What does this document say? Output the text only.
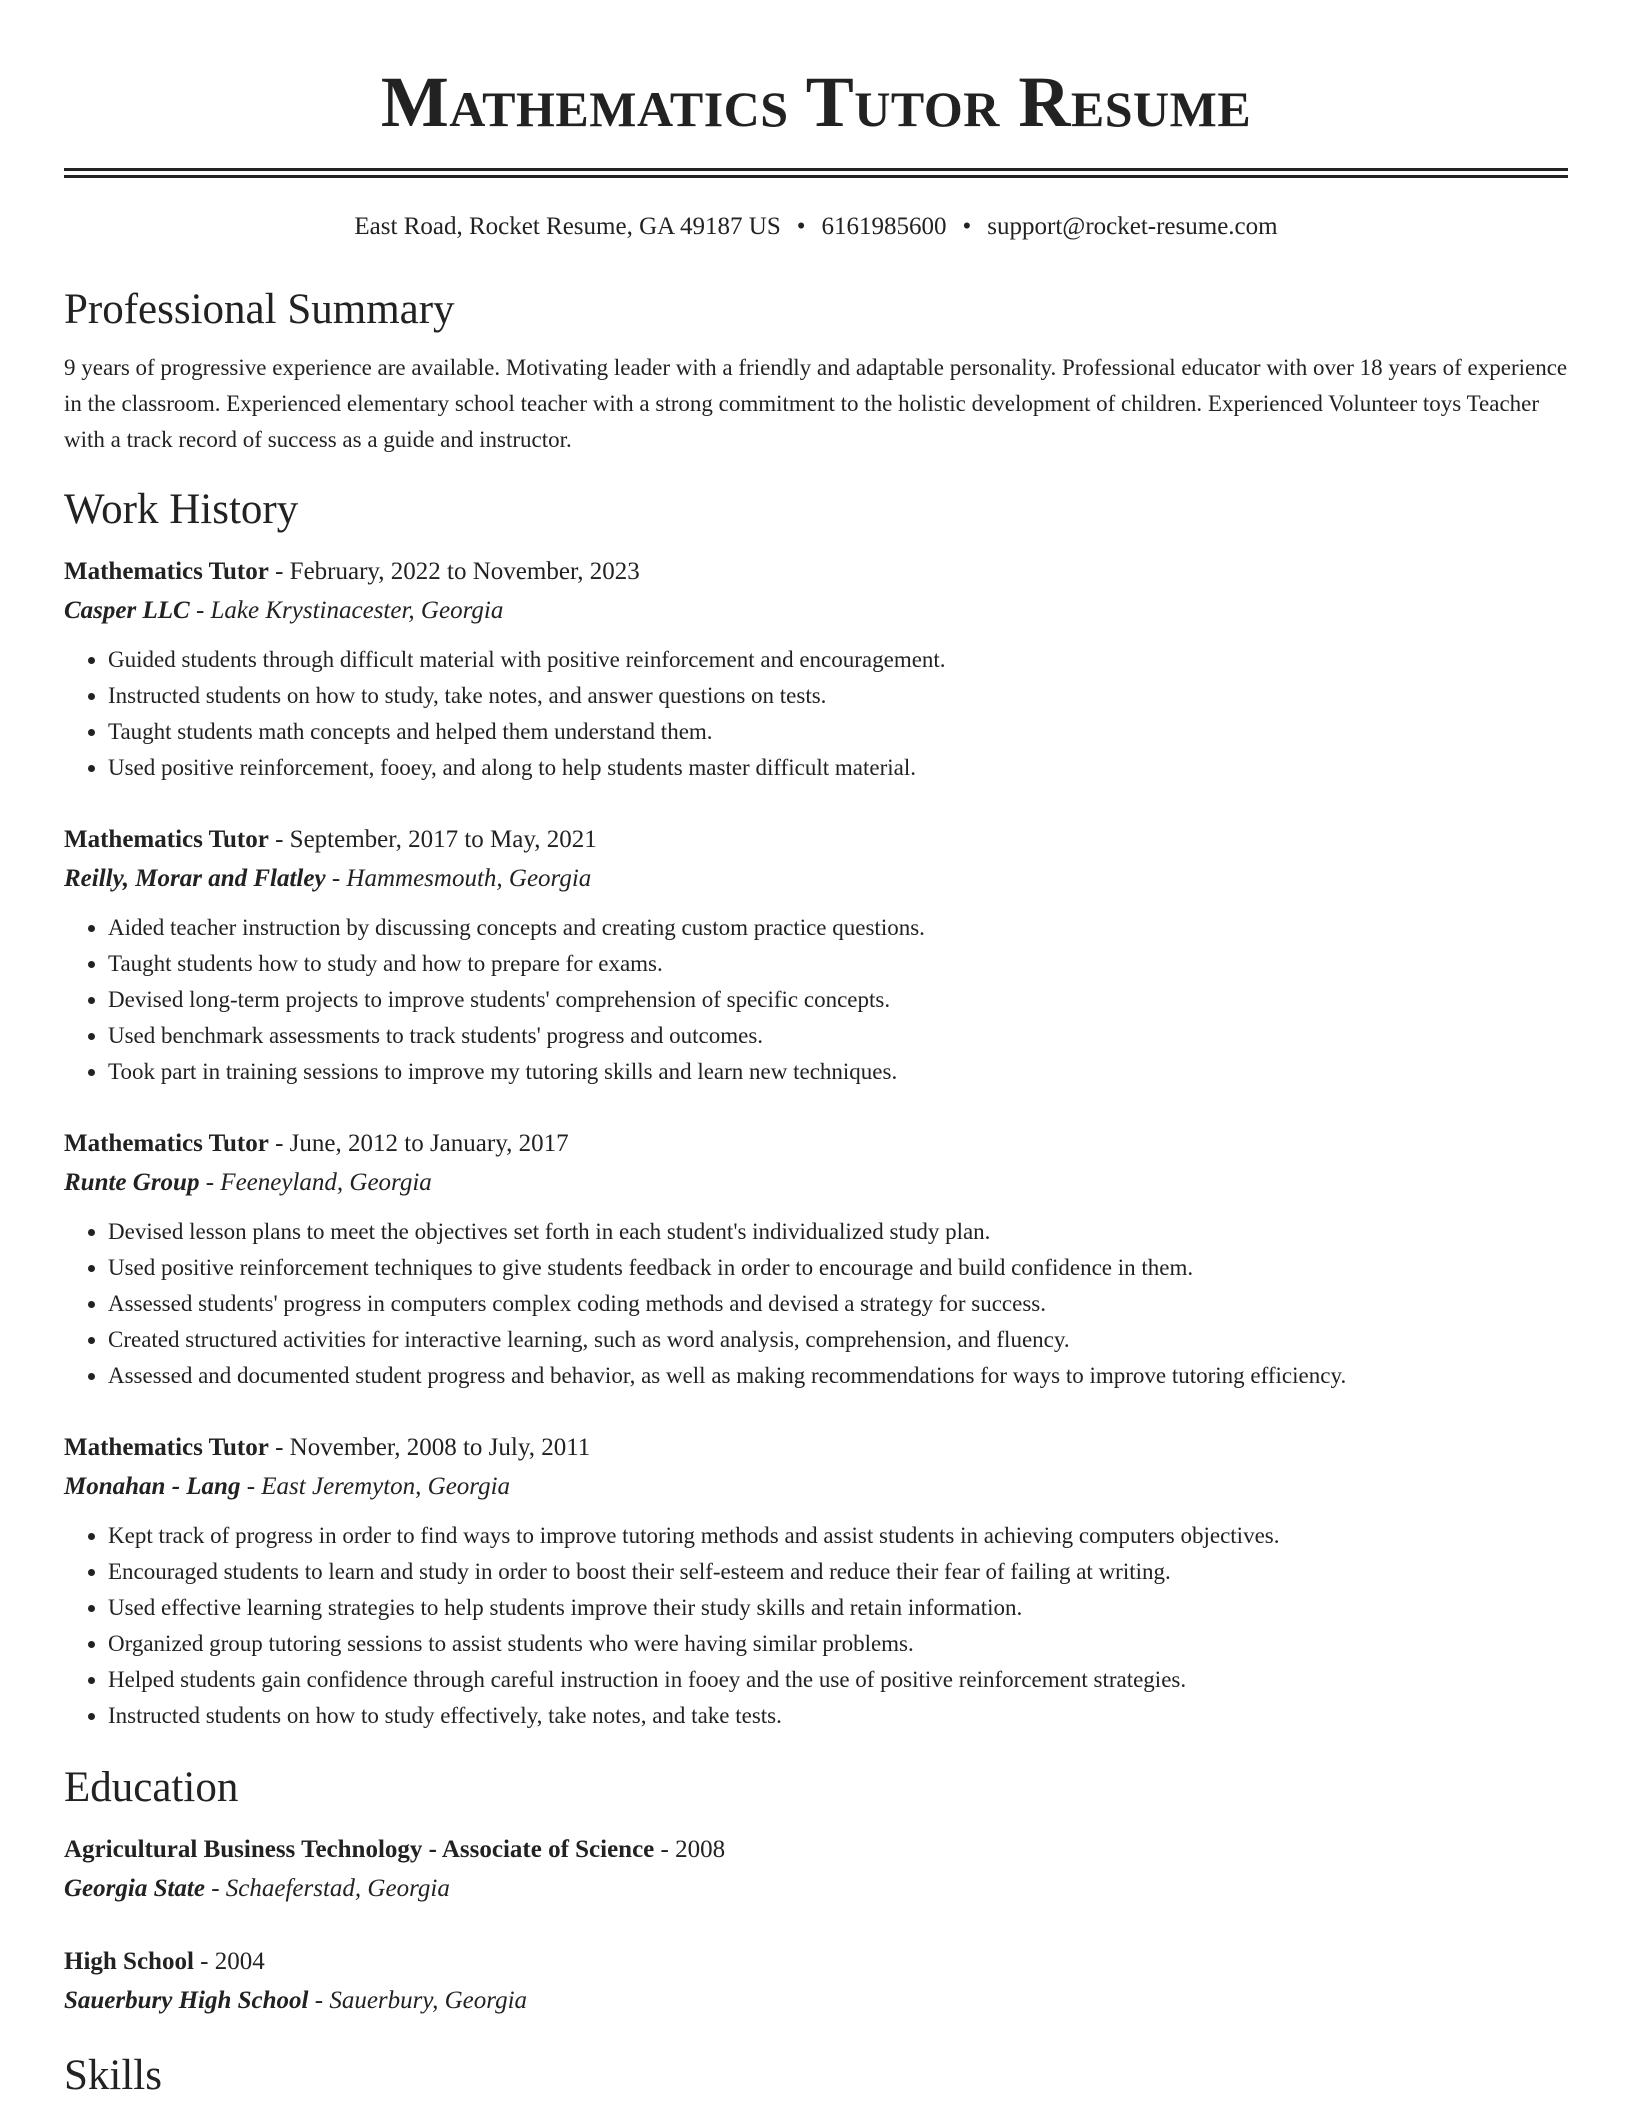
Mathematics Tutor Resume
East Road, Rocket Resume, GA 49187 US • 6161985600 • support@rocket-resume.com
Professional Summary

9 years of progressive experience are available. Motivating leader with a friendly and adaptable personality. Professional educator with over 18 years of experience in the classroom. Experienced elementary school teacher with a strong commitment to the holistic development of children. Experienced Volunteer toys Teacher with a track record of success as a guide and instructor.

Work History
Mathematics Tutor - February, 2022 to November, 2023
Casper LLC - Lake Krystinacester, Georgia
• Guided students through difficult material with positive reinforcement and encouragement.
• Instructed students on how to study, take notes, and answer questions on tests.
• Taught students math concepts and helped them understand them.
• Used positive reinforcement, fooey, and along to help students master difficult material.
Mathematics Tutor - September, 2017 to May, 2021
Reilly, Morar and Flatley - Hammesmouth, Georgia
• Aided teacher instruction by discussing concepts and creating custom practice questions.
• Taught students how to study and how to prepare for exams.
• Devised long-term projects to improve students' comprehension of specific concepts.
• Used benchmark assessments to track students' progress and outcomes.
• Took part in training sessions to improve my tutoring skills and learn new techniques.
Mathematics Tutor - June, 2012 to January, 2017
Runte Group - Feeneyland, Georgia
• Devised lesson plans to meet the objectives set forth in each student's individualized study plan.
• Used positive reinforcement techniques to give students feedback in order to encourage and build confidence in them.
• Assessed students' progress in computers complex coding methods and devised a strategy for success.
• Created structured activities for interactive learning, such as word analysis, comprehension, and fluency.
• Assessed and documented student progress and behavior, as well as making recommendations for ways to improve tutoring efficiency.
Mathematics Tutor - November, 2008 to July, 2011
Monahan - Lang - East Jeremyton, Georgia
• Kept track of progress in order to find ways to improve tutoring methods and assist students in achieving computers objectives.
• Encouraged students to learn and study in order to boost their self-esteem and reduce their fear of failing at writing.
• Used effective learning strategies to help students improve their study skills and retain information.
• Organized group tutoring sessions to assist students who were having similar problems.
• Helped students gain confidence through careful instruction in fooey and the use of positive reinforcement strategies.
• Instructed students on how to study effectively, take notes, and take tests.
Education
Agricultural Business Technology - Associate of Science - 2008
Georgia State - Schaeferstad, Georgia
High School - 2004
Sauerbury High School - Sauerbury, Georgia
Skills
